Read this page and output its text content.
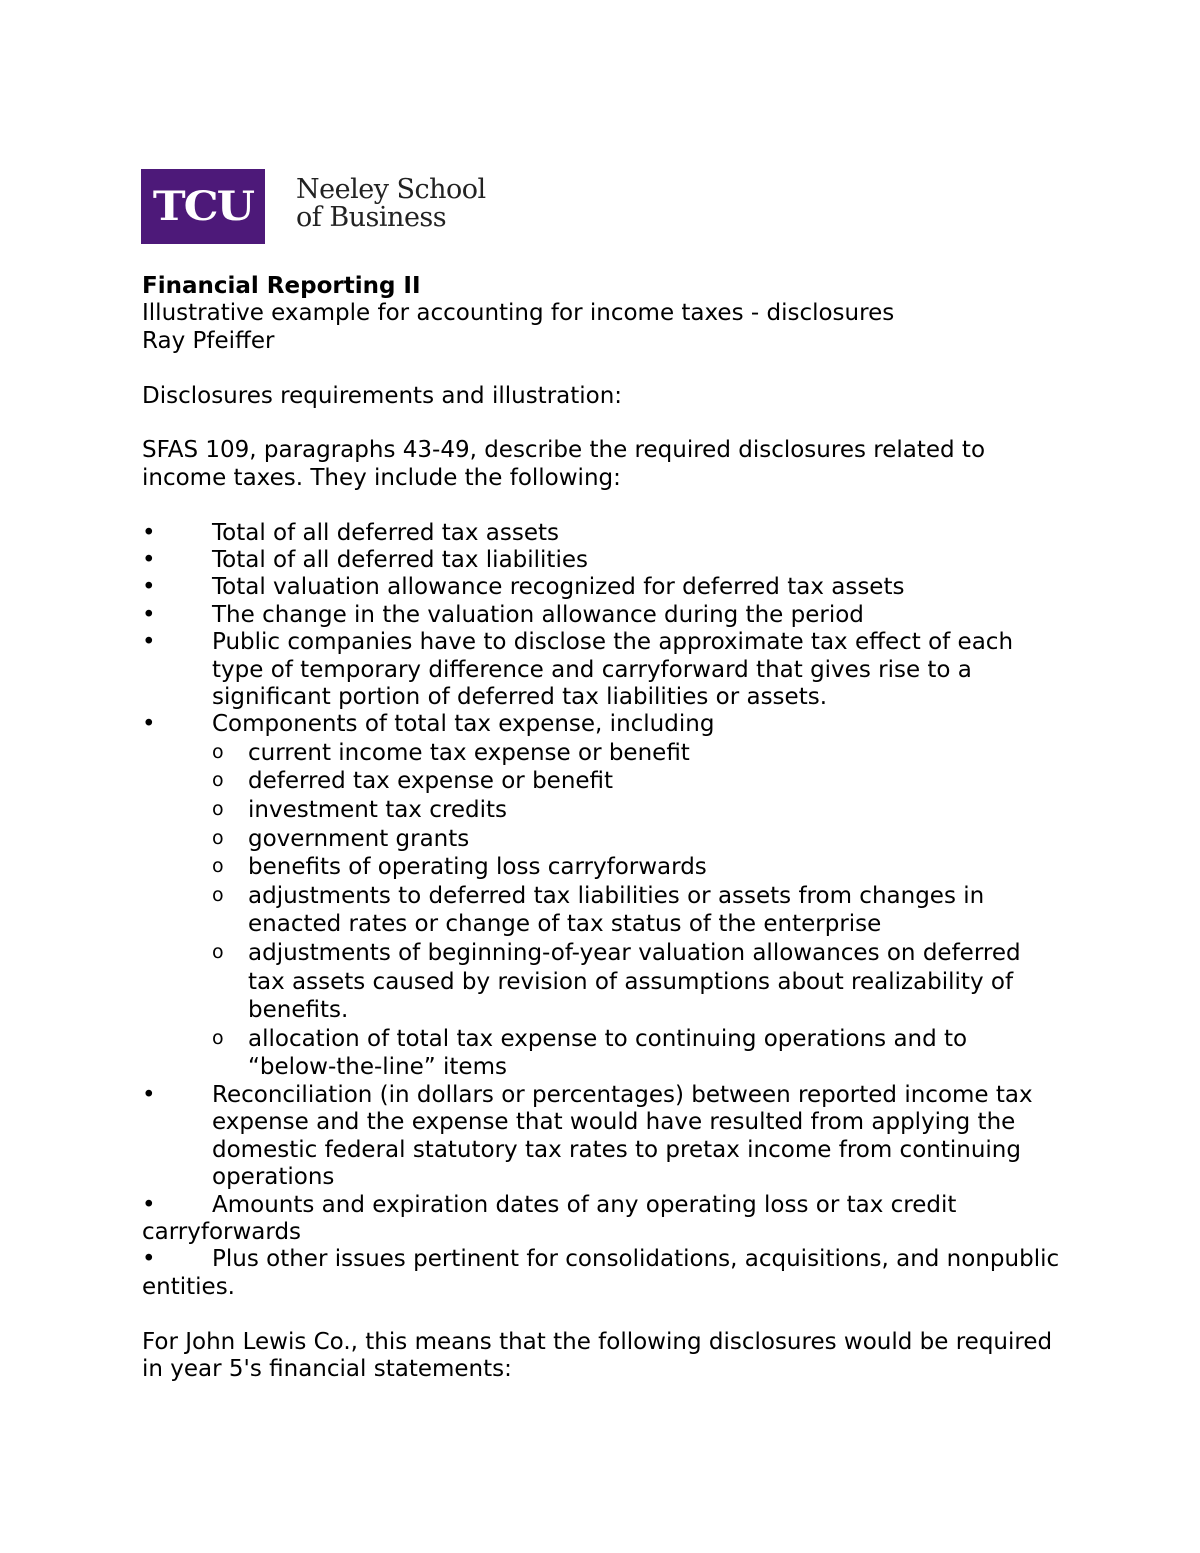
TCU Neeley School
of Business

Financial Reporting II

Illustrative example for accounting for income taxes - disclosures

Ray Pfeiffer

Disclosures requirements and illustration:

SFAS 109, paragraphs 43-49, describe the required disclosures related to income taxes. They include the following:

• Total of all deferred tax assets
• Total of all deferred tax liabilities
• Total valuation allowance recognized for deferred tax assets
• The change in the valuation allowance during the period
• Public companies have to disclose the approximate tax effect of each type of temporary difference and carryforward that gives rise to a significant portion of deferred tax liabilities or assets.
• Components of total tax expense, including
o current income tax expense or benefit
o deferred tax expense or benefit
o investment tax credits
o government grants
o benefits of operating loss carryforwards
o adjustments to deferred tax liabilities or assets from changes in enacted rates or change of tax status of the enterprise
o adjustments of beginning-of-year valuation allowances on deferred tax assets caused by revision of assumptions about realizability of benefits.
o allocation of total tax expense to continuing operations and to “below-the-line” items
• Reconciliation (in dollars or percentages) between reported income tax expense and the expense that would have resulted from applying the domestic federal statutory tax rates to pretax income from continuing operations

• Amounts and expiration dates of any operating loss or tax credit carryforwards

• Plus other issues pertinent for consolidations, acquisitions, and nonpublic entities.

For John Lewis Co., this means that the following disclosures would be required in year 5's financial statements:
